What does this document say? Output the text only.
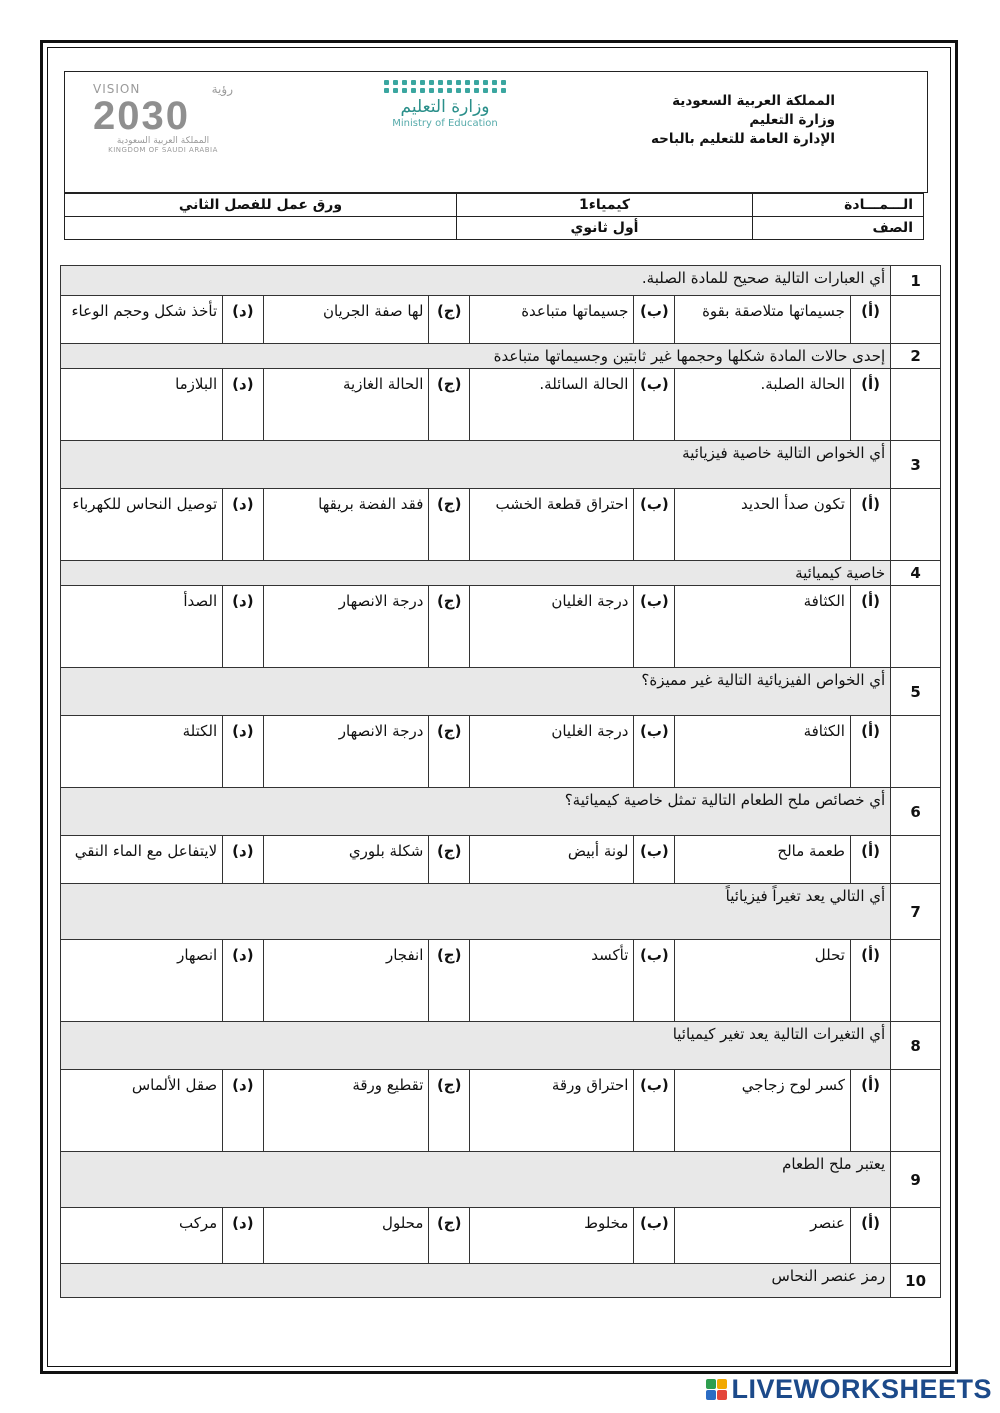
المملكة العربية السعودية
وزارة التعليم
الإدارة العامة للتعليم بالباحه
وزارة التعليم
Ministry of Education
VISION	رؤية
2030
المملكة العربية السعودية
KINGDOM OF SAUDI ARABIA
الـــمـــادة	كيمياء1	ورق عمل للفصل الثاني
الصف	أول ثانوي	
1	أي العبارات التالية صحيح للمادة الصلبة.							
	(أ)	جسيماتها متلاصقة بقوة	(ب)	جسيماتها متباعدة	(ج)	لها صفة الجريان	(د)	تأخذ شكل وحجم الوعاء
2	إحدى حالات المادة شكلها وحجمها غير ثابتين وجسيماتها متباعدة							
	(أ)	الحالة الصلبة.	(ب)	الحالة السائلة.	(ج)	الحالة الغازية	(د)	البلازما
3	أي الخواص التالية خاصية فيزيائية							
	(أ)	تكون صدأ الحديد	(ب)	احتراق قطعة الخشب	(ج)	فقد الفضة بريقها	(د)	توصيل النحاس للكهرباء
4	خاصية كيميائية							
	(أ)	الكثافة	(ب)	درجة الغليان	(ج)	درجة الانصهار	(د)	الصدأ
5	أي الخواص الفيزيائية التالية غير مميزة؟							
	(أ)	الكثافة	(ب)	درجة الغليان	(ج)	درجة الانصهار	(د)	الكتلة
6	أي خصائص ملح الطعام التالية تمثل خاصية كيميائية؟							
	(أ)	طعمة مالح	(ب)	لونة أبيض	(ج)	شكلة بلوري	(د)	لايتفاعل مع الماء النقي
7	أي التالي يعد تغيراً فيزيائياً							
	(أ)	تحلل	(ب)	تأكسد	(ج)	انفجار	(د)	انصهار
8	أي التغيرات التالية يعد تغير كيميائيا							
	(أ)	كسر لوح زجاجي	(ب)	احتراق ورقة	(ج)	تقطيع ورقة	(د)	صقل الألماس
9	يعتبر ملح الطعام							
	(أ)	عنصر	(ب)	مخلوط	(ج)	محلول	(د)	مركب
10	رمز عنصر النحاس							
LIVEWORKSHEETS
